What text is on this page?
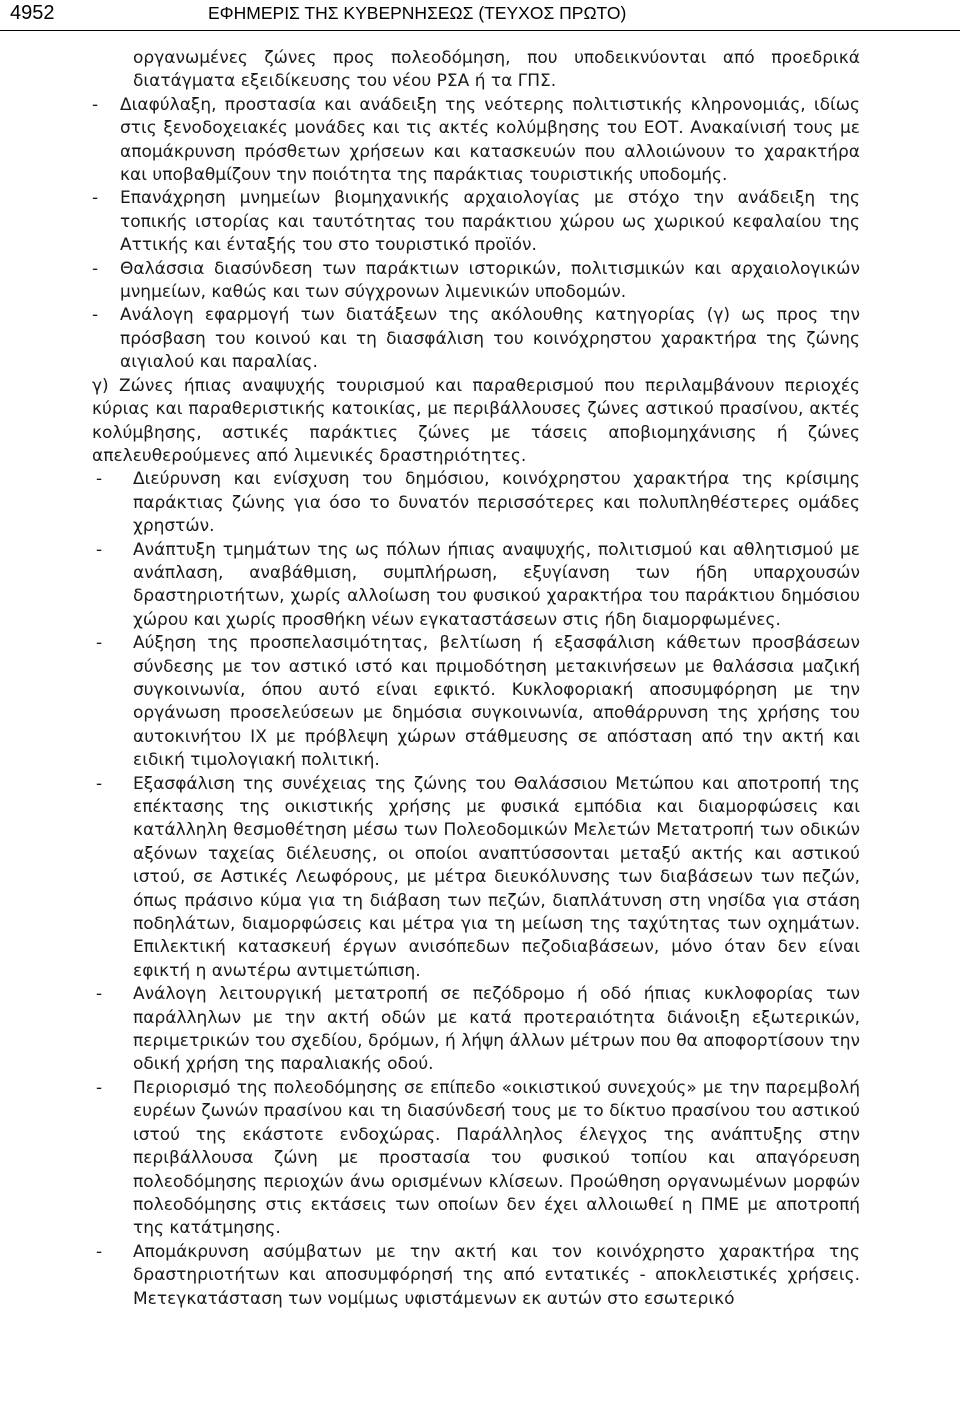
4952	ΕΦΗΜΕΡΙΣ ΤΗΣ ΚΥΒΕΡΝΗΣΕΩΣ (ΤΕΥΧΟΣ ΠΡΩΤΟ)

οργανωμένες ζώνες προς πολεοδόμηση, που υποδεικνύονται από προεδρικά διατάγματα εξειδίκευσης του νέου ΡΣΑ ή τα ΓΠΣ.

- Διαφύλαξη, προστασία και ανάδειξη της νεότερης πολιτιστικής κληρονομιάς, ιδίως στις ξενοδοχειακές μονάδες και τις ακτές κολύμβησης του ΕΟΤ. Ανακαίνισή τους με απομάκρυνση πρόσθετων χρήσεων και κατασκευών που αλλοιώνουν το χαρακτήρα και υποβαθμίζουν την ποιότητα της παράκτιας τουριστικής υποδομής.
- Επανάχρηση μνημείων βιομηχανικής αρχαιολογίας με στόχο την ανάδειξη της τοπικής ιστορίας και ταυτότητας του παράκτιου χώρου ως χωρικού κεφαλαίου της Αττικής και ένταξής του στο τουριστικό προϊόν.
- Θαλάσσια διασύνδεση των παράκτιων ιστορικών, πολιτισμικών και αρχαιολογικών μνημείων, καθώς και των σύγχρονων λιμενικών υποδομών.
- Ανάλογη εφαρμογή των διατάξεων της ακόλουθης κατηγορίας (γ) ως προς την πρόσβαση του κοινού και τη διασφάλιση του κοινόχρηστου χαρακτήρα της ζώνης αιγιαλού και παραλίας.

γ) Ζώνες ήπιας αναψυχής τουρισμού και παραθερισμού που περιλαμβάνουν περιοχές κύριας και παραθεριστικής κατοικίας, με περιβάλλουσες ζώνες αστικού πρασίνου, ακτές κολύμβησης, αστικές παράκτιες ζώνες με τάσεις αποβιομηχάνισης ή ζώνες απελευθερούμενες από λιμενικές δραστηριότητες.

- Διεύρυνση και ενίσχυση του δημόσιου, κοινόχρηστου χαρακτήρα της κρίσιμης παράκτιας ζώνης για όσο το δυνατόν περισσότερες και πολυπληθέστερες ομάδες χρηστών.
- Ανάπτυξη τμημάτων της ως πόλων ήπιας αναψυχής, πολιτισμού και αθλητισμού με ανάπλαση, αναβάθμιση, συμπλήρωση, εξυγίανση των ήδη υπαρχουσών δραστηριοτήτων, χωρίς αλλοίωση του φυσικού χαρακτήρα του παράκτιου δημόσιου χώρου και χωρίς προσθήκη νέων εγκαταστάσεων στις ήδη διαμορφωμένες.
- Αύξηση της προσπελασιμότητας, βελτίωση ή εξασφάλιση κάθετων προσβάσεων σύνδεσης με τον αστικό ιστό και πριμοδότηση μετακινήσεων με θαλάσσια μαζική συγκοινωνία, όπου αυτό είναι εφικτό. Κυκλοφοριακή αποσυμφόρηση με την οργάνωση προσελεύσεων με δημόσια συγκοινωνία, αποθάρρυνση της χρήσης του αυτοκινήτου ΙΧ με πρόβλεψη χώρων στάθμευσης σε απόσταση από την ακτή και ειδική τιμολογιακή πολιτική.
- Εξασφάλιση της συνέχειας της ζώνης του Θαλάσσιου Μετώπου και αποτροπή της επέκτασης της οικιστικής χρήσης με φυσικά εμπόδια και διαμορφώσεις και κατάλληλη θεσμοθέτηση μέσω των Πολεοδομικών Μελετών Μετατροπή των οδικών αξόνων ταχείας διέλευσης, οι οποίοι αναπτύσσονται μεταξύ ακτής και αστικού ιστού, σε Αστικές Λεωφόρους, με μέτρα διευκόλυνσης των διαβάσεων των πεζών, όπως πράσινο κύμα για τη διάβαση των πεζών, διαπλάτυνση στη νησίδα για στάση ποδηλάτων, διαμορφώσεις και μέτρα για τη μείωση της ταχύτητας των οχημάτων. Επιλεκτική κατασκευή έργων ανισόπεδων πεζοδιαβάσεων, μόνο όταν δεν είναι εφικτή η ανωτέρω αντιμετώπιση.
- Ανάλογη λειτουργική μετατροπή σε πεζόδρομο ή οδό ήπιας κυκλοφορίας των παράλληλων με την ακτή οδών με κατά προτεραιότητα διάνοιξη εξωτερικών, περιμετρικών του σχεδίου, δρόμων, ή λήψη άλλων μέτρων που θα αποφορτίσουν την οδική χρήση της παραλιακής οδού.
- Περιορισμό της πολεοδόμησης σε επίπεδο «οικιστικού συνεχούς» με την παρεμβολή ευρέων ζωνών πρασίνου και τη διασύνδεσή τους με το δίκτυο πρασίνου του αστικού ιστού της εκάστοτε ενδοχώρας. Παράλληλος έλεγχος της ανάπτυξης στην περιβάλλουσα ζώνη με προστασία του φυσικού τοπίου και απαγόρευση πολεοδόμησης περιοχών άνω ορισμένων κλίσεων. Προώθηση οργανωμένων μορφών πολεοδόμησης στις εκτάσεις των οποίων δεν έχει αλλοιωθεί η ΠΜΕ με αποτροπή της κατάτμησης.
- Απομάκρυνση ασύμβατων με την ακτή και τον κοινόχρηστο χαρακτήρα της δραστηριοτήτων και αποσυμφόρησή της από εντατικές - αποκλειστικές χρήσεις. Μετεγκατάσταση των νομίμως υφιστάμενων εκ αυτών στο εσωτερικό
